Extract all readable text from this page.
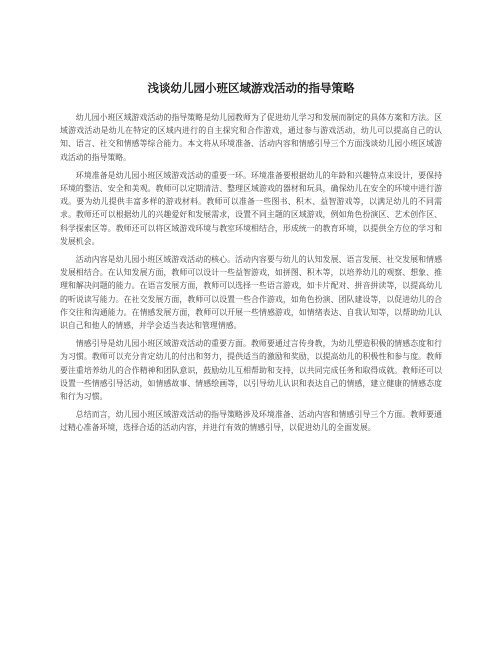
浅谈幼儿园小班区域游戏活动的指导策略

幼儿园小班区域游戏活动的指导策略是幼儿园教师为了促进幼儿学习和发展而制定的具体方案和方法。区域游戏活动是幼儿在特定的区域内进行的自主探究和合作游戏，通过参与游戏活动，幼儿可以提高自己的认知、语言、社交和情感等综合能力。本文将从环境准备、活动内容和情感引导三个方面浅谈幼儿园小班区域游戏活动的指导策略。

环境准备是幼儿园小班区域游戏活动的重要一环。环境准备要根据幼儿的年龄和兴趣特点来设计，要保持环境的整洁、安全和美观。教师可以定期清洁、整理区域游戏的器材和玩具，确保幼儿在安全的环境中进行游戏。要为幼儿提供丰富多样的游戏材料。教师可以准备一些图书、积木、益智游戏等，以满足幼儿的不同需求。教师还可以根据幼儿的兴趣爱好和发展需求，设置不同主题的区域游戏，例如角色扮演区、艺术创作区、科学探索区等。教师还可以将区域游戏环境与教室环境相结合，形成统一的教育环境，以提供全方位的学习和发展机会。

活动内容是幼儿园小班区域游戏活动的核心。活动内容要与幼儿的认知发展、语言发展、社交发展和情感发展相结合。在认知发展方面，教师可以设计一些益智游戏，如拼图、积木等，以培养幼儿的观察、想象、推理和解决问题的能力。在语言发展方面，教师可以选择一些语言游戏，如卡片配对、拼音拼读等，以提高幼儿的听说读写能力。在社交发展方面，教师可以设置一些合作游戏，如角色扮演、团队建设等，以促进幼儿的合作交往和沟通能力。在情感发展方面，教师可以开展一些情感游戏，如情绪表达、自我认知等，以帮助幼儿认识自己和他人的情感，并学会适当表达和管理情感。

情感引导是幼儿园小班区域游戏活动的重要方面。教师要通过言传身教，为幼儿塑造积极的情感态度和行为习惯。教师可以充分肯定幼儿的付出和努力，提供适当的激励和奖励，以提高幼儿的积极性和参与度。教师要注重培养幼儿的合作精神和团队意识，鼓励幼儿互相帮助和支持，以共同完成任务和取得成就。教师还可以设置一些情感引导活动，如情感故事、情感绘画等，以引导幼儿认识和表达自己的情感，建立健康的情感态度和行为习惯。

总结而言，幼儿园小班区域游戏活动的指导策略涉及环境准备、活动内容和情感引导三个方面。教师要通过精心准备环境，选择合适的活动内容，并进行有效的情感引导，以促进幼儿的全面发展。
